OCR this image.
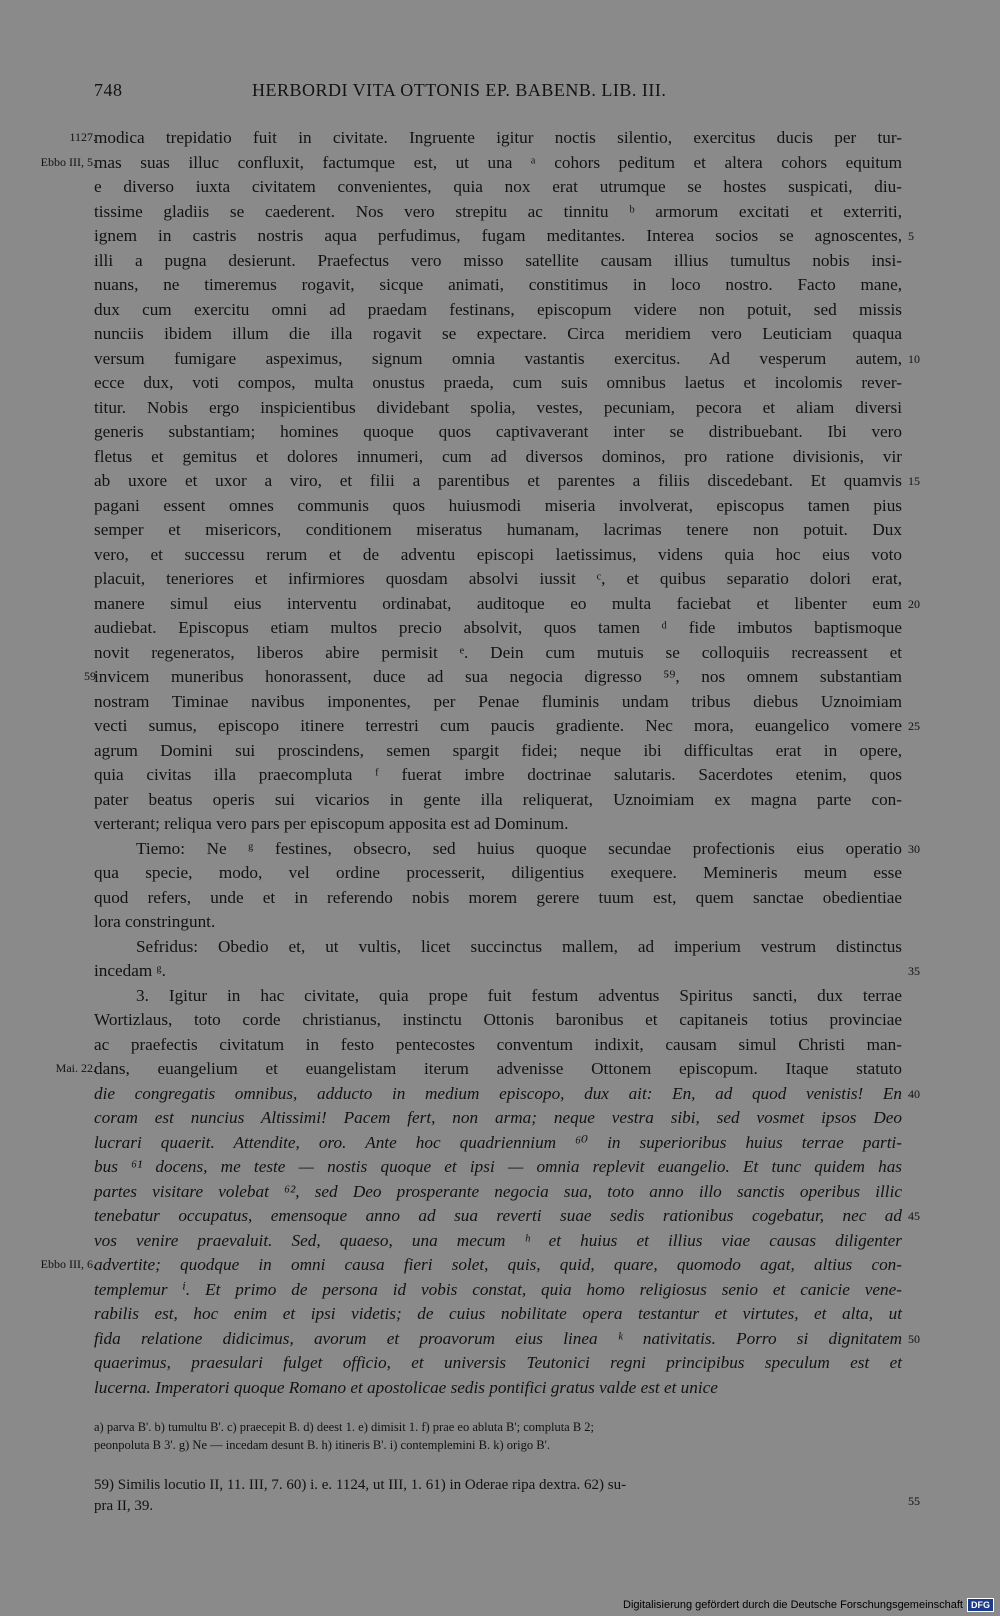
748	HERBORDI VITA OTTONIS EP. BABENB. LIB. III.
modica trepidatio fuit in civitate. Ingruente igitur noctis silentio, exercitus ducis per tur-
mas suas illuc confluxit, factumque est, ut una ᵃ cohors peditum et altera cohors equitum
e diverso iuxta civitatem convenientes, quia nox erat utrumque se hostes suspicati, diu-
tissime gladiis se caederent. Nos vero strepitu ac tinnitu ᵇ armorum excitati et exterriti,
ignem in castris nostris aqua perfudimus, fugam meditantes. Interea socios se agnoscentes,
illi a pugna desierunt. Praefectus vero misso satellite causam illius tumultus nobis insi-
nuans, ne timeremus rogavit, sicque animati, constitimus in loco nostro. Facto mane,
dux cum exercitu omni ad praedam festinans, episcopum videre non potuit, sed missis
nunciis ibidem illum die illa rogavit se expectare. Circa meridiem vero Leuticiam quaqua
versum fumigare aspeximus, signum omnia vastantis exercitus. Ad vesperum autem,
ecce dux, voti compos, multa onustus praeda, cum suis omnibus laetus et incolomis rever-
titur. Nobis ergo inspicientibus dividebant spolia, vestes, pecuniam, pecora et aliam diversi
generis substantiam; homines quoque quos captivaverant inter se distribuebant. Ibi vero
fletus et gemitus et dolores innumeri, cum ad diversos dominos, pro ratione divisionis, vir
ab uxore et uxor a viro, et filii a parentibus et parentes a filiis discedebant. Et quamvis
pagani essent omnes communis quos huiusmodi miseria involverat, episcopus tamen pius
semper et misericors, conditionem miseratus humanam, lacrimas tenere non potuit. Dux
vero, et successu rerum et de adventu episcopi laetissimus, videns quia hoc eius voto
placuit, teneriores et infirmiores quosdam absolvi iussit ᶜ, et quibus separatio dolori erat,
manere simul eius interventu ordinabat, auditoque eo multa faciebat et libenter eum
audiebat. Episcopus etiam multos precio absolvit, quos tamen ᵈ fide imbutos baptismoque
novit regeneratos, liberos abire permisit ᵉ. Dein cum mutuis se colloquiis recreassent et
invicem muneribus honorassent, duce ad sua negocia digresso ⁵⁹, nos omnem substantiam
nostram Timinae navibus imponentes, per Penae fluminis undam tribus diebus Uznoimiam
vecti sumus, episcopo itinere terrestri cum paucis gradiente. Nec mora, euangelico vomere
agrum Domini sui proscindens, semen spargit fidei; neque ibi difficultas erat in opere,
quia civitas illa praecompluta ᶠ fuerat imbre doctrinae salutaris. Sacerdotes etenim, quos
pater beatus operis sui vicarios in gente illa reliquerat, Uznoimiam ex magna parte con-
verterant; reliqua vero pars per episcopum apposita est ad Dominum.
Tiemo: Ne ᵍ festines, obsecro, sed huius quoque secundae profectionis eius operatio
qua specie, modo, vel ordine processerit, diligentius exequere. Memineris meum esse
quod refers, unde et in referendo nobis morem gerere tuum est, quem sanctae obedientiae
lora constringunt.
Sefridus: Obedio et, ut vultis, licet succinctus mallem, ad imperium vestrum distinctus
incedam ᵍ.
3. Igitur in hac civitate, quia prope fuit festum adventus Spiritus sancti, dux terrae
Wortizlaus, toto corde christianus, instinctu Ottonis baronibus et capitaneis totius provinciae
ac praefectis civitatum in festo pentecostes conventum indixit, causam simul Christi man-
dans, euangelium et euangelistam iterum advenisse Ottonem episcopum. Itaque statuto
die congregatis omnibus, adducto in medium episcopo, dux ait: En, ad quod venistis! En
coram est nuncius Altissimi! Pacem fert, non arma; neque vestra sibi, sed vosmet ipsos Deo
lucrari quaerit. Attendite, oro. Ante hoc quadriennium ⁶⁰ in superioribus huius terrae parti-
bus ⁶¹ docens, me teste — nostis quoque et ipsi — omnia replevit euangelio. Et tunc quidem has
partes visitare volebat ⁶², sed Deo prosperante negocia sua, toto anno illo sanctis operibus illic
tenebatur occupatus, emensoque anno ad sua reverti suae sedis rationibus cogebatur, nec ad
vos venire praevaluit. Sed, quaeso, una mecum ʰ et huius et illius viae causas diligenter
advertite; quodque in omni causa fieri solet, quis, quid, quare, quomodo agat, altius con-
templemur ⁱ. Et primo de persona id vobis constat, quia homo religiosus senio et canicie vene-
rabilis est, hoc enim et ipsi videtis; de cuius nobilitate opera testantur et virtutes, et alta, ut
fida relatione didicimus, avorum et proavorum eius linea ᵏ nativitatis. Porro si dignitatem
quaerimus, praesulari fulget officio, et universis Teutonici regni principibus speculum est et
lucerna. Imperatori quoque Romano et apostolicae sedis pontifici gratus valde est et unice
1127.
Ebbo III, 5.
59
Mai. 22.
Ebbo III, 6.
5
10
15
20
25
30
35
40
45
50
a) parva B'. b) tumultu B'. c) praecepit B. d) deest 1. e) dimisit 1. f) prae eo abluta B'; compluta B 2;
peonpoluta B 3'. g) Ne — incedam desunt B. h) itineris B'. i) contemplemini B. k) origo B'.
59) Similis locutio II, 11. III, 7. 60) i. e. 1124, ut III, 1. 61) in Oderae ripa dextra. 62) su-
pra II, 39.	55
Digitalisierung gefördert durch die Deutsche Forschungsgemeinschaft DFG
